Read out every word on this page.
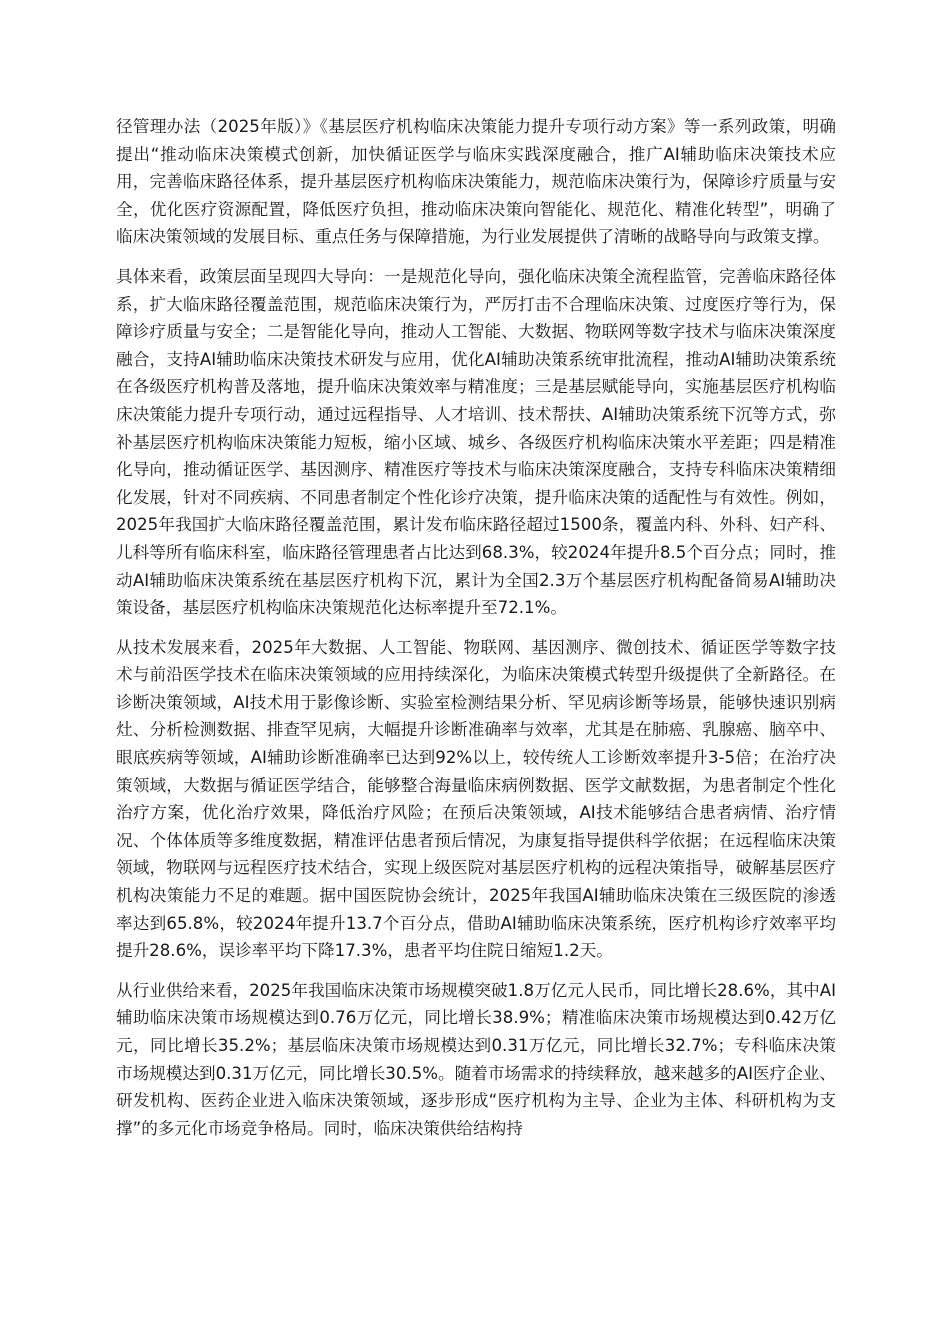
径管理办法（2025年版）》《基层医疗机构临床决策能力提升专项行动方案》等一系列政策，明确提出“推动临床决策模式创新，加快循证医学与临床实践深度融合，推广AI辅助临床决策技术应用，完善临床路径体系，提升基层医疗机构临床决策能力，规范临床决策行为，保障诊疗质量与安全，优化医疗资源配置，降低医疗负担，推动临床决策向智能化、规范化、精准化转型”，明确了临床决策领域的发展目标、重点任务与保障措施，为行业发展提供了清晰的战略导向与政策支撑。

具体来看，政策层面呈现四大导向：一是规范化导向，强化临床决策全流程监管，完善临床路径体系，扩大临床路径覆盖范围，规范临床决策行为，严厉打击不合理临床决策、过度医疗等行为，保障诊疗质量与安全；二是智能化导向，推动人工智能、大数据、物联网等数字技术与临床决策深度融合，支持AI辅助临床决策技术研发与应用，优化AI辅助决策系统审批流程，推动AI辅助决策系统在各级医疗机构普及落地，提升临床决策效率与精准度；三是基层赋能导向，实施基层医疗机构临床决策能力提升专项行动，通过远程指导、人才培训、技术帮扶、AI辅助决策系统下沉等方式，弥补基层医疗机构临床决策能力短板，缩小区域、城乡、各级医疗机构临床决策水平差距；四是精准化导向，推动循证医学、基因测序、精准医疗等技术与临床决策深度融合，支持专科临床决策精细化发展，针对不同疾病、不同患者制定个性化诊疗决策，提升临床决策的适配性与有效性。例如，2025年我国扩大临床路径覆盖范围，累计发布临床路径超过1500条，覆盖内科、外科、妇产科、儿科等所有临床科室，临床路径管理患者占比达到68.3%，较2024年提升8.5个百分点；同时，推动AI辅助临床决策系统在基层医疗机构下沉，累计为全国2.3万个基层医疗机构配备简易AI辅助决策设备，基层医疗机构临床决策规范化达标率提升至72.1%。

从技术发展来看，2025年大数据、人工智能、物联网、基因测序、微创技术、循证医学等数字技术与前沿医学技术在临床决策领域的应用持续深化，为临床决策模式转型升级提供了全新路径。在诊断决策领域，AI技术用于影像诊断、实验室检测结果分析、罕见病诊断等场景，能够快速识别病灶、分析检测数据、排查罕见病，大幅提升诊断准确率与效率，尤其是在肺癌、乳腺癌、脑卒中、眼底疾病等领域，AI辅助诊断准确率已达到92%以上，较传统人工诊断效率提升3-5倍；在治疗决策领域，大数据与循证医学结合，能够整合海量临床病例数据、医学文献数据，为患者制定个性化治疗方案，优化治疗效果，降低治疗风险；在预后决策领域，AI技术能够结合患者病情、治疗情况、个体体质等多维度数据，精准评估患者预后情况，为康复指导提供科学依据；在远程临床决策领域，物联网与远程医疗技术结合，实现上级医院对基层医疗机构的远程决策指导，破解基层医疗机构决策能力不足的难题。据中国医院协会统计，2025年我国AI辅助临床决策在三级医院的渗透率达到65.8%，较2024年提升13.7个百分点，借助AI辅助临床决策系统，医疗机构诊疗效率平均提升28.6%，误诊率平均下降17.3%，患者平均住院日缩短1.2天。

从行业供给来看，2025年我国临床决策市场规模突破1.8万亿元人民币，同比增长28.6%，其中AI辅助临床决策市场规模达到0.76万亿元，同比增长38.9%；精准临床决策市场规模达到0.42万亿元，同比增长35.2%；基层临床决策市场规模达到0.31万亿元，同比增长32.7%；专科临床决策市场规模达到0.31万亿元，同比增长30.5%。随着市场需求的持续释放，越来越多的AI医疗企业、研发机构、医药企业进入临床决策领域，逐步形成“医疗机构为主导、企业为主体、科研机构为支撑”的多元化市场竞争格局。同时，临床决策供给结构持
